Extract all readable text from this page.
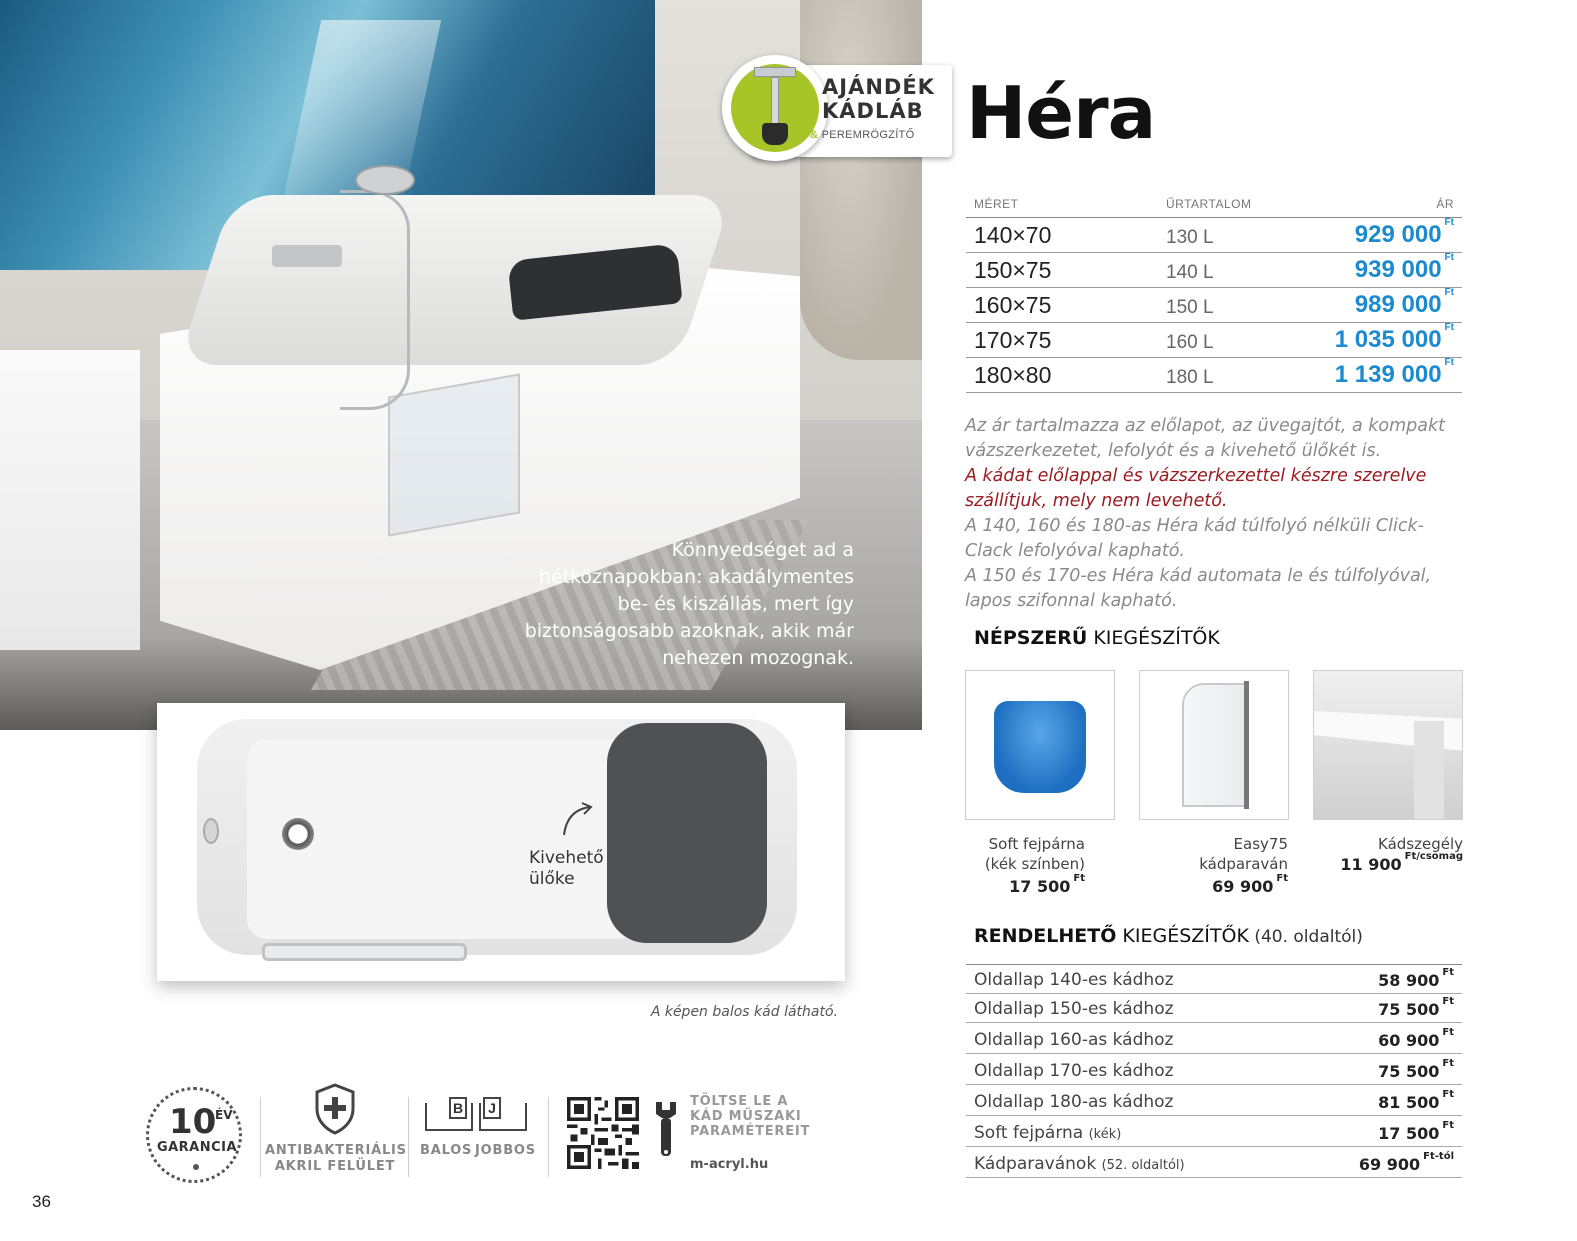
Könnyedséget ad a hétköznapokban: akadálymentes be- és kiszállás, mert így biztonságosabb azoknak, akik már nehezen mozognak.
AJÁNDÉK
KÁDLÁB
& PEREMRÖGZÍTŐ Héra
MÉRET	ŰRTARTALOM	ÁR
140×70	130 L	929 000 $^{Ft}$
150×75	140 L	939 000 $^{Ft}$
160×75	150 L	989 000 $^{Ft}$
170×75	160 L	1 035 000 $^{Ft}$
180×80	180 L	1 139 000 $^{Ft}$
Az ár tartalmazza az előlapot, az üvegajtót, a kompakt vázszerkezetet, lefolyót és a kivehető ülőkét is.
A kádat előlappal és vázszerkezettel készre szerelve szállítjuk, mely nem levehető.
A 140, 160 és 180-as Héra kád túlfolyó nélküli Click-Clack lefolyóval kapható.
A 150 és 170-es Héra kád automata le és túlfolyóval, lapos szifonnal kapható.
NÉPSZERŰ KIEGÉSZÍTŐK
Soft fejpárna
(kék színben)
17 500 $^{Ft}$
Easy75
kádparaván
69 900 $^{Ft}$
Kádszegély
11 900 $^{Ft/csomag}$
RENDELHETŐ KIEGÉSZÍTŐK (40. oldaltól)
Oldallap 140-es kádhoz	58 900 $^{Ft}$
Oldallap 150-es kádhoz	75 500 $^{Ft}$
Oldallap 160-as kádhoz	60 900 $^{Ft}$
Oldallap 170-es kádhoz	75 500 $^{Ft}$
Oldallap 180-as kádhoz	81 500 $^{Ft}$
Soft fejpárna (kék)	17 500 $^{Ft}$
Kádparavánok (52. oldaltól)	69 900 $^{Ft-tól}$
Kivehető
ülőke
A képen balos kád látható.
10
ÉV
GARANCIA ANTIBAKTERIÁLIS
AKRIL FELÜLET
B	J
BALOS JOBBOS
TÖLTSE LE A
KÁD MŰSZAKI
PARAMÉTEREIT
m-acryl.hu
36
